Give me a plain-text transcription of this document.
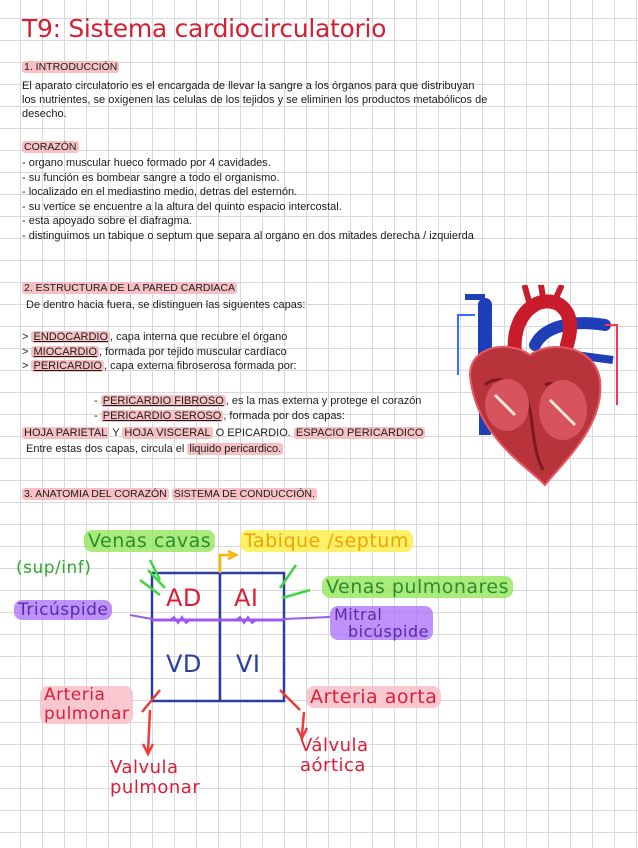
T9: Sistema cardiocirculatorio
1. INTRODUCCIÓN
El aparato circulatorio es el encargada de llevar la sangre a los órganos para que distribuyan
los nutrientes, se oxigenen las celulas de los tejidos y se eliminen los productos metabólicos de
desecho.
CORAZÓN
- organo muscular hueco formado por 4 cavidades.
- su función es bombear sangre a todo el organismo.
- localizado en el mediastino medio, detras del esternón.
- su vertice se encuentre a la altura del quinto espacio intercostal.
- esta apoyado sobre el diafragma.
- distinguimos un tabique o septum que separa al organo en dos mitades derecha / izquierda
2. ESTRUCTURA DE LA PARED CARDIACA
De dentro hacia fuera, se distinguen las siguentes capas:
> ENDOCARDIO , capa interna que recubre el órgano
> MIOCARDIO , formada por tejido muscular cardíaco
> PERICARDIO , capa externa fibroserosa formada por:
- PERICARDIO FIBROSO , es la mas externa y protege el corazón
- PERICARDIO SEROSO , formada por dos capas:
HOJA PARIETAL Y HOJA VISCERAL O EPICARDIO. ESPACIO PERICARDICO
Entre estas dos capas, circula el liquido pericardico.
3. ANATOMIA DEL CORAZÓN SISTEMA DE CONDUCCIÓN.
Venas cavas
(sup/inf)
Tabique /septum
Venas pulmonares
Tricúspide	Mitral
bicúspide
AD AI
VD VI
Arteria
pulmonar
Arteria aorta
Valvula
pulmonar
Válvula
aórtica
